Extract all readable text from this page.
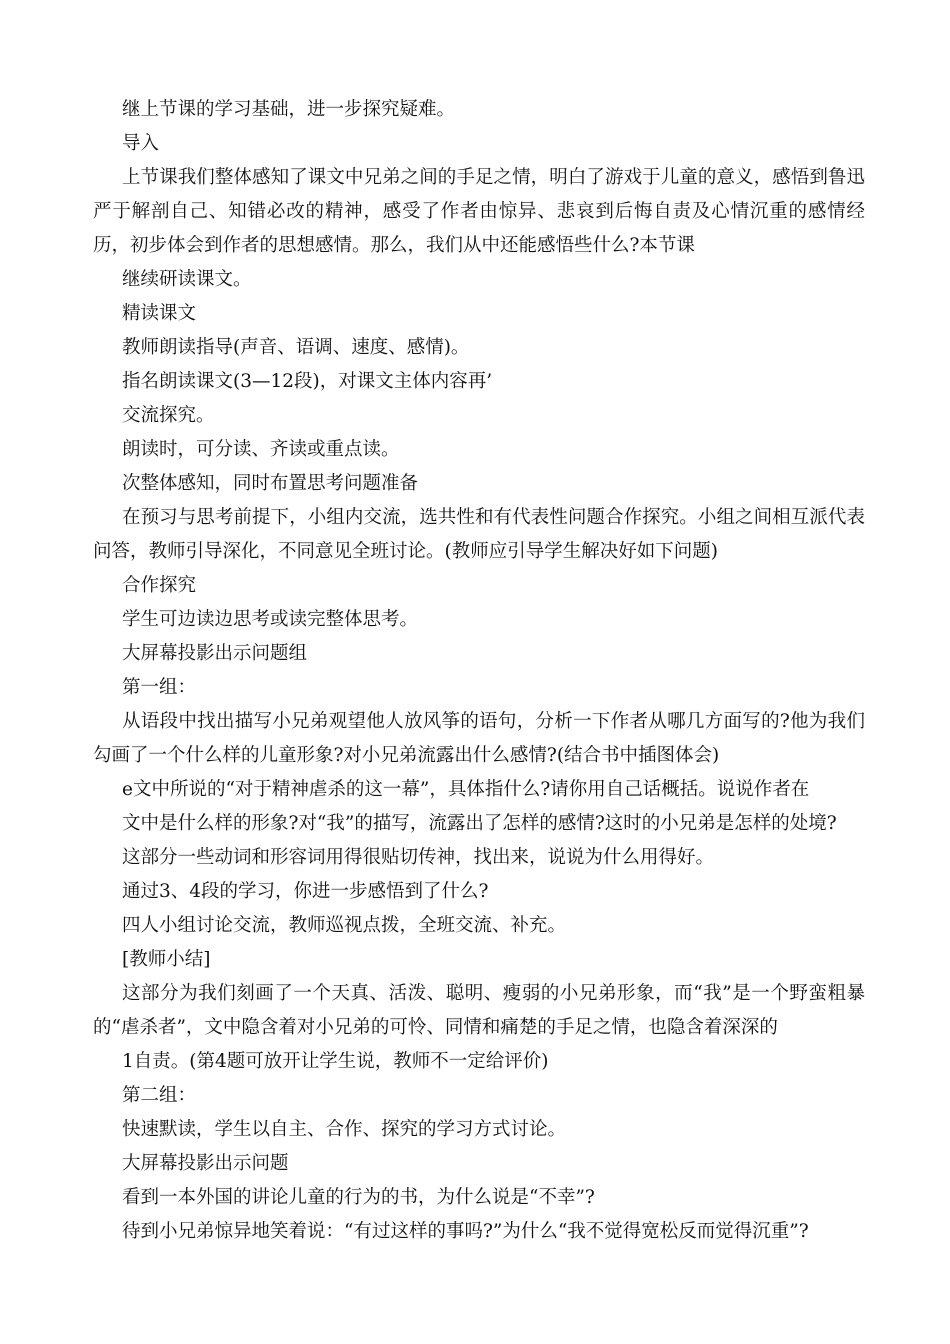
继上节课的学习基础，进一步探究疑难。

导入

上节课我们整体感知了课文中兄弟之间的手足之情，明白了游戏于儿童的意义，感悟到鲁迅严于解剖自己、知错必改的精神，感受了作者由惊异、悲哀到后悔自责及心情沉重的感情经历，初步体会到作者的思想感情。那么，我们从中还能感悟些什么?本节课

继续研读课文。

精读课文

教师朗读指导(声音、语调、速度、感情)。

指名朗读课文(3—12段)，对课文主体内容再’

交流探究。

朗读时，可分读、齐读或重点读。

次整体感知，同时布置思考问题准备

在预习与思考前提下，小组内交流，选共性和有代表性问题合作探究。小组之间相互派代表问答，教师引导深化，不同意见全班讨论。(教师应引导学生解决好如下问题)

合作探究

学生可边读边思考或读完整体思考。

大屏幕投影出示问题组

第一组：

从语段中找出描写小兄弟观望他人放风筝的语句，分析一下作者从哪几方面写的?他为我们勾画了一个什么样的儿童形象?对小兄弟流露出什么感情?(结合书中插图体会)

e文中所说的“对于精神虐杀的这一幕”，具体指什么?请你用自己话概括。说说作者在

文中是什么样的形象?对“我”的描写，流露出了怎样的感情?这时的小兄弟是怎样的处境?

这部分一些动词和形容词用得很贴切传神，找出来，说说为什么用得好。

通过3、4段的学习，你进一步感悟到了什么?

四人小组讨论交流，教师巡视点拨，全班交流、补充。

[教师小结]

这部分为我们刻画了一个天真、活泼、聪明、瘦弱的小兄弟形象，而“我”是一个野蛮粗暴的“虐杀者”，文中隐含着对小兄弟的可怜、同情和痛楚的手足之情，也隐含着深深的

1自责。(第4题可放开让学生说，教师不一定给评价)

第二组：

快速默读，学生以自主、合作、探究的学习方式讨论。

大屏幕投影出示问题

看到一本外国的讲论儿童的行为的书，为什么说是“不幸”?

待到小兄弟惊异地笑着说：“有过这样的事吗?”为什么“我不觉得宽松反而觉得沉重”?
